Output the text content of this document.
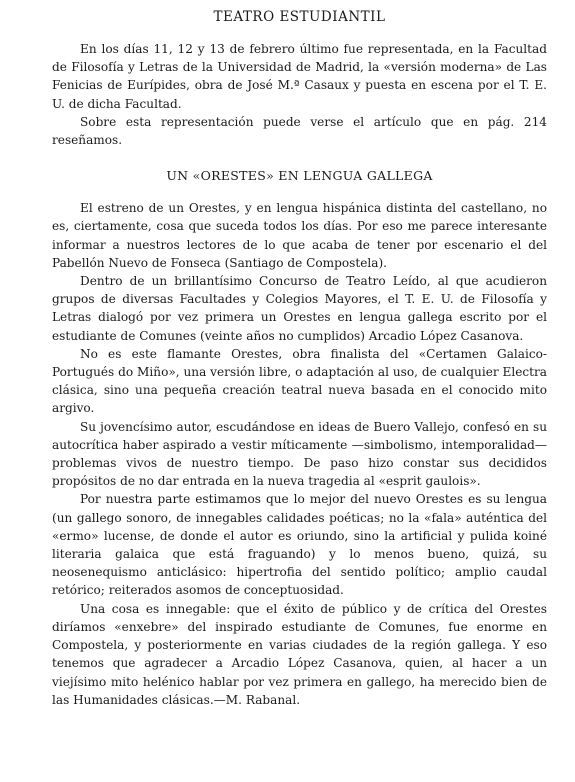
TEATRO ESTUDIANTIL

En los días 11, 12 y 13 de febrero último fue representada, en la Facultad de Filosofía y Letras de la Universidad de Madrid, la «versión moderna» de Las Fenicias de Eurípides, obra de José M.ª Casaux y puesta en escena por el T. E. U. de dicha Facultad.

Sobre esta representación puede verse el artículo que en pág. 214 reseñamos.

UN «ORESTES» EN LENGUA GALLEGA

El estreno de un Orestes, y en lengua hispánica distinta del castellano, no es, ciertamente, cosa que suceda todos los días. Por eso me parece interesante informar a nuestros lectores de lo que acaba de tener por escenario el del Pabellón Nuevo de Fonseca (Santiago de Compostela).

Dentro de un brillantísimo Concurso de Teatro Leído, al que acudieron grupos de diversas Facultades y Colegios Mayores, el T. E. U. de Filosofía y Letras dialogó por vez primera un Orestes en lengua gallega escrito por el estudiante de Comunes (veinte años no cumplidos) Arcadio López Casanova.

No es este flamante Orestes, obra finalista del «Certamen Galaico-Portugués do Miño», una versión libre, o adaptación al uso, de cualquier Electra clásica, sino una pequeña creación teatral nueva basada en el conocido mito argivo.

Su jovencísimo autor, escudándose en ideas de Buero Vallejo, confesó en su autocrítica haber aspirado a vestir míticamente —simbolismo, intemporalidad— problemas vivos de nuestro tiempo. De paso hizo constar sus decididos propósitos de no dar entrada en la nueva tragedia al «esprit gaulois».

Por nuestra parte estimamos que lo mejor del nuevo Orestes es su lengua (un gallego sonoro, de innegables calidades poéticas; no la «fala» auténtica del «ermo» lucense, de donde el autor es oriundo, sino la artificial y pulida koiné literaria galaica que está fraguando) y lo menos bueno, quizá, su neosenequismo anticlásico: hipertrofia del sentido político; amplio caudal retórico; reiterados asomos de conceptuosidad.

Una cosa es innegable: que el éxito de público y de crítica del Orestes diríamos «enxebre» del inspirado estudiante de Comunes, fue enorme en Compostela, y posteriormente en varias ciudades de la región gallega. Y eso tenemos que agradecer a Arcadio López Casanova, quien, al hacer a un viejísimo mito helénico hablar por vez primera en gallego, ha merecido bien de las Humanidades clásicas.—M. Rabanal.
